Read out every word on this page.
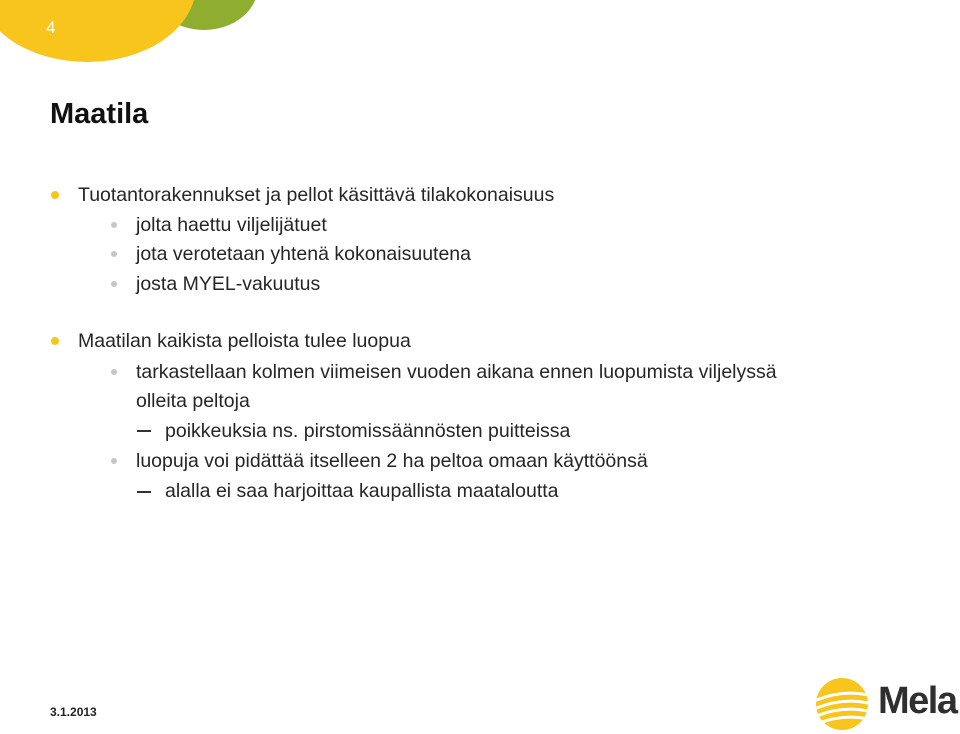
4
Maatila
Tuotantorakennukset ja pellot käsittävä tilakokonaisuus
jolta haettu viljelijätuet
jota verotetaan yhtenä kokonaisuutena
josta MYEL-vakuutus
Maatilan kaikista pelloista tulee luopua
tarkastellaan kolmen viimeisen vuoden aikana ennen luopumista viljelyssä
olleita peltoja
poikkeuksia ns. pirstomissäännösten puitteissa
luopuja voi pidättää itselleen 2 ha peltoa omaan käyttöönsä
alalla ei saa harjoittaa kaupallista maataloutta
3.1.2013	Mela
